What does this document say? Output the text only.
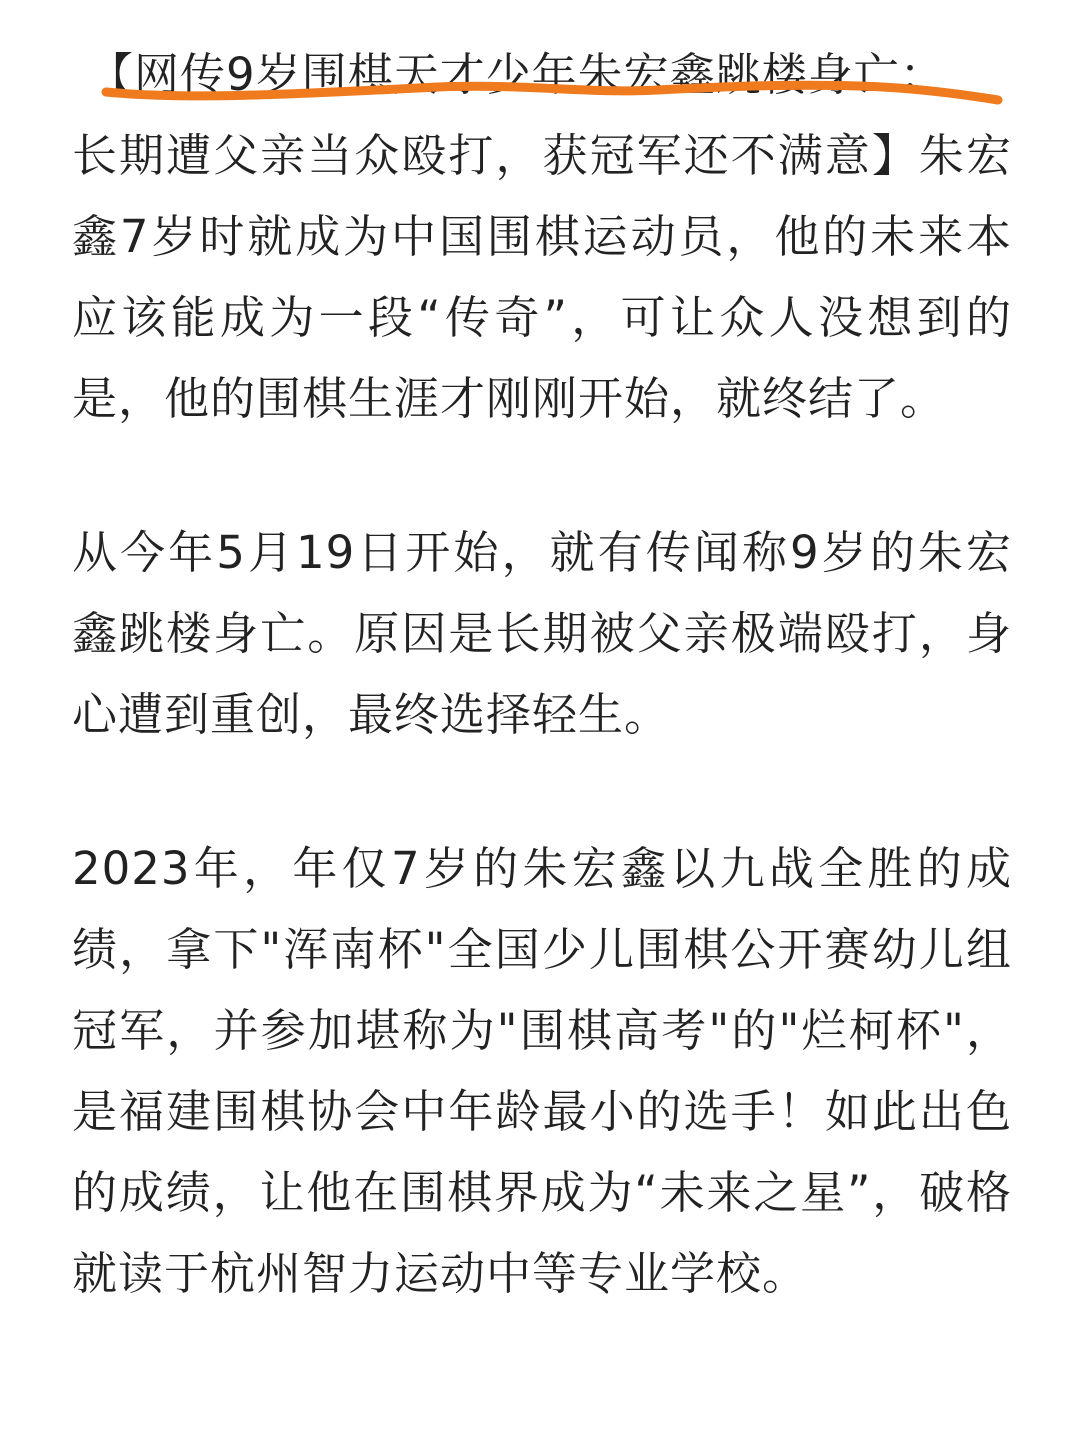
【网传9岁围棋天才少年朱宏鑫跳楼身亡：
长期遭父亲当众殴打，获冠军还不满意】朱宏鑫7岁时就成为中国围棋运动员，他的未来本应该能成为一段“传奇”，可让众人没想到的是，他的围棋生涯才刚刚开始，就终结了。

从今年5月19日开始，就有传闻称9岁的朱宏鑫跳楼身亡。原因是长期被父亲极端殴打，身心遭到重创，最终选择轻生。

2023年，年仅7岁的朱宏鑫以九战全胜的成绩，拿下"浑南杯"全国少儿围棋公开赛幼儿组冠军，并参加堪称为"围棋高考"的"烂柯杯"，是福建围棋协会中年龄最小的选手！如此出色的成绩，让他在围棋界成为“未来之星”，破格就读于杭州智力运动中等专业学校。
